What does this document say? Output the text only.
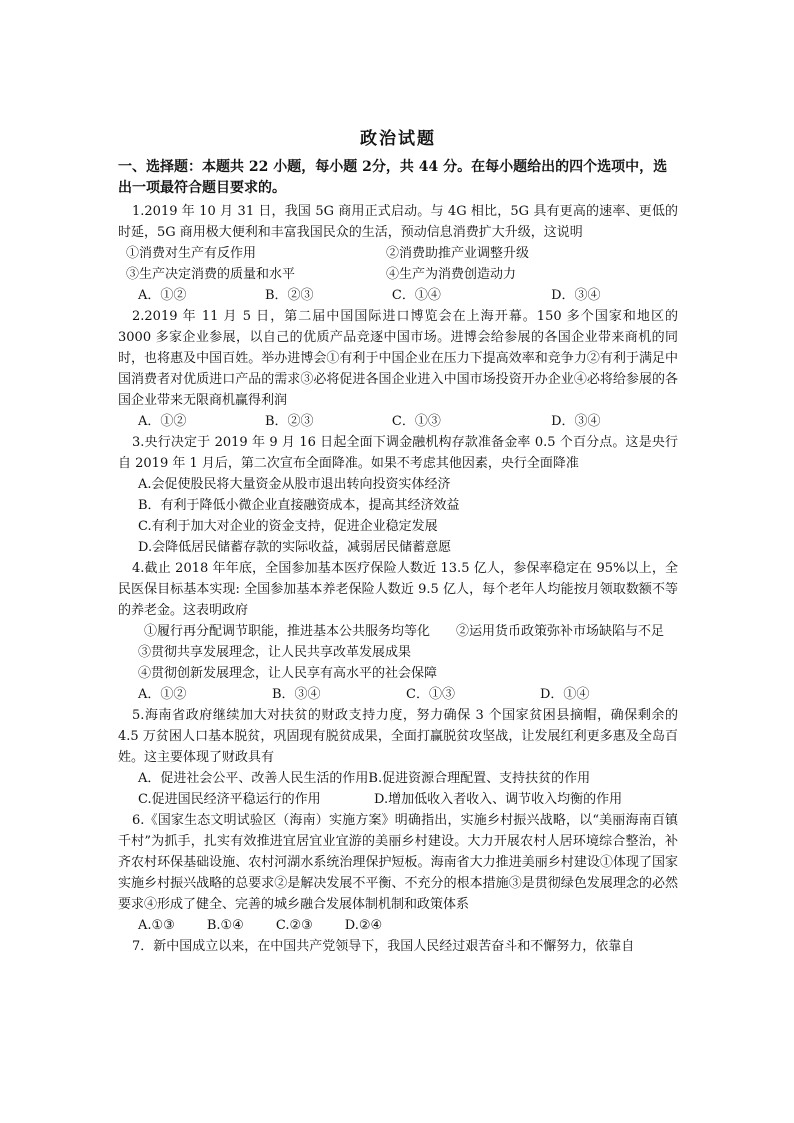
政治试题
一、选择题：本题共 22 小题，每小题 2分，共 44 分。在每小题给出的四个选项中，选出一项最符合题目要求的。

1.2019 年 10 月 31 日，我国 5G 商用正式启动。与 4G 相比，5G 具有更高的速率、更低的时延，5G 商用极大便利和丰富我国民众的生活，预动信息消费扩大升级，这说明

①消费对生产有反作用	②消费助推产业调整升级
③生产决定消费的质量和水平	④生产为消费创造动力
A．①②	B．②③	C．①④	D．③④

2.2019 年 11 月 5 日，第二届中国国际进口博览会在上海开幕。150 多个国家和地区的 3000 多家企业参展，以自己的优质产品竞逐中国市场。进博会给参展的各国企业带来商机的同时，也将惠及中国百姓。举办进博会①有利于中国企业在压力下提高效率和竞争力②有利于满足中国消费者对优质进口产品的需求③必将促进各国企业进入中国市场投资开办企业④必将给参展的各国企业带来无限商机赢得利润

A．①②	B．②③	C．①③	D．③④

3.央行决定于 2019 年 9 月 16 日起全面下调金融机构存款准备金率 0.5 个百分点。这是央行自 2019 年 1 月后，第二次宣布全面降准。如果不考虑其他因素，央行全面降准

A.会促使股民将大量资金从股市退出转向投资实体经济

B．有利于降低小微企业直接融资成本，提高其经济效益

C.有利于加大对企业的资金支持，促进企业稳定发展

D.会降低居民储蓄存款的实际收益，减弱居民储蓄意愿

4.截止 2018 年年底，全国参加基本医疗保险人数近 13.5 亿人，参保率稳定在 95%以上，全民医保目标基本实现: 全国参加基本养老保险人数近 9.5 亿人，每个老年人均能按月领取数额不等的养老金。这表明政府

①履行再分配调节职能，推进基本公共服务均等化　　②运用货币政策弥补市场缺陷与不足

③贯彻共享发展理念，让人民共享改革发展成果

④贯彻创新发展理念，让人民享有高水平的社会保障

A．①②	B．③④	C．①③	D．①④

5.海南省政府继续加大对扶贫的财政支持力度，努力确保 3 个国家贫困县摘帽，确保剩余的 4.5 万贫困人口基本脱贫，巩固现有脱贫成果，全面打赢脱贫攻坚战，让发展红利更多惠及全岛百姓。这主要体现了财政具有

A．促进社会公平、改善人民生活的作用 B.促进资源合理配置、支持扶贫的作用
C.促进国民经济平稳运行的作用	D.增加低收入者收入、调节收入均衡的作用

6.《国家生态文明试验区（海南）实施方案》明确指出，实施乡村振兴战略，以“美丽海南百镇千村”为抓手，扎实有效推进宜居宜业宜游的美丽乡村建设。大力开展农村人居环境综合整治，补齐农村环保基础设施、农村河湖水系统治理保护短板。海南省大力推进美丽乡村建设①体现了国家实施乡村振兴战略的总要求②是解决发展不平衡、不充分的根本措施③是贯彻绿色发展理念的必然要求④形成了健全、完善的城乡融合发展体制机制和政策体系

A.①③ B.①④ C.②③ D.②④

7．新中国成立以来，在中国共产党领导下，我国人民经过艰苦奋斗和不懈努力，依靠自
